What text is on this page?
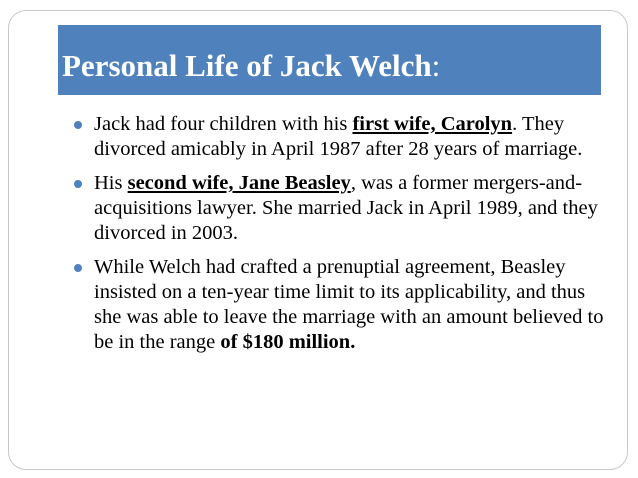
Personal Life of Jack Welch:
Jack had four children with his first wife, Carolyn. They divorced amicably in April 1987 after 28 years of marriage.
His second wife, Jane Beasley, was a former mergers-and-acquisitions lawyer. She married Jack in April 1989, and they divorced in 2003.
While Welch had crafted a prenuptial agreement, Beasley insisted on a ten-year time limit to its applicability, and thus she was able to leave the marriage with an amount believed to be in the range of $180 million.
